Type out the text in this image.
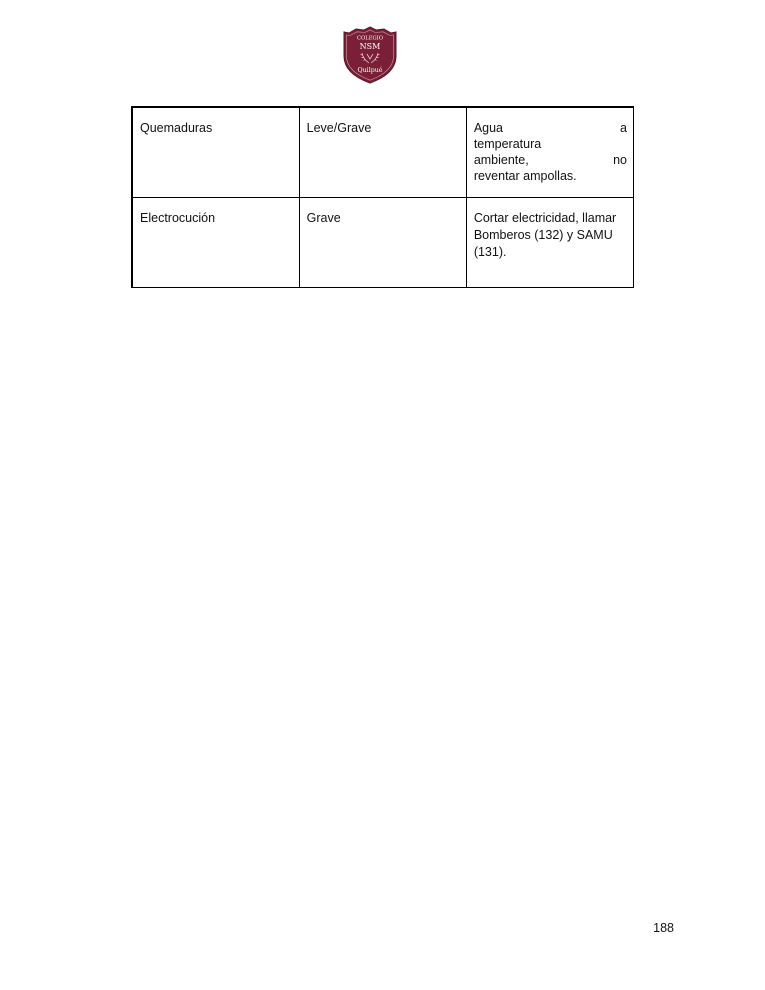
COLEGIO
NSM
Quilpué
Quemaduras	Leve/Grave	Agua a
temperatura
ambiente, no
reventar ampollas.

Electrocución	Grave	Cortar electricidad, llamar Bomberos (132) y SAMU (131).
188
